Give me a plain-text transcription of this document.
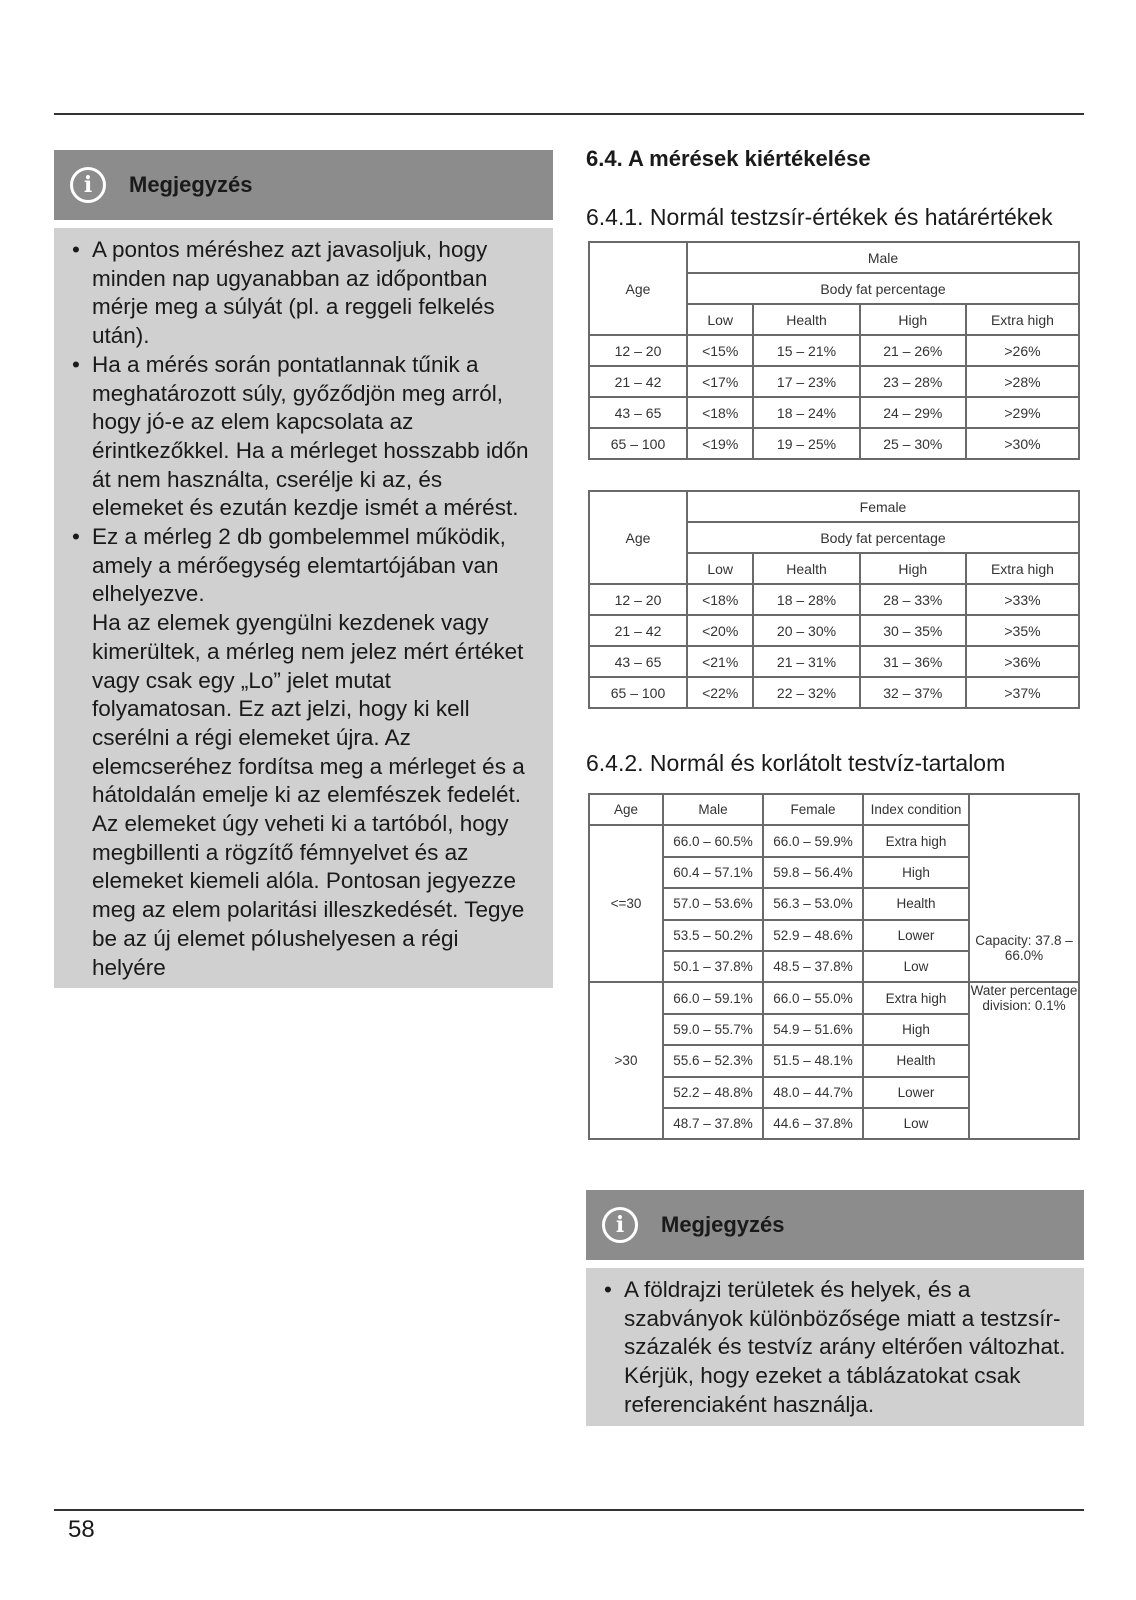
i	Megjegyzés
• A pontos méréshez azt javasoljuk, hogy minden nap ugyanabban az időpontban mérje meg a súlyát (pl. a reggeli felkelés után).
• Ha a mérés során pontatlannak tűnik a meghatározott súly, győződjön meg arról, hogy jó-e az elem kapcsolata az érintkezőkkel. Ha a mérleget hosszabb időn át nem használta, cserélje ki az, és elemeket és ezután kezdje ismét a mérést.
• Ez a mérleg 2 db gombelemmel működik, amely a mérőegység elemtartójában van elhelyezve.
Ha az elemek gyengülni kezdenek vagy kimerültek, a mérleg nem jelez mért értéket vagy csak egy „Lo” jelet mutat folyamatosan. Ez azt jelzi, hogy ki kell cserélni a régi elemeket újra. Az elemcseréhez fordítsa meg a mérleget és a hátoldalán emelje ki az elemfészek fedelét. Az elemeket úgy veheti ki a tartóból, hogy megbillenti a rögzítő fémnyelvet és az elemeket kiemeli alóla. Pontosan jegyezze meg az elem polaritási illeszkedését. Tegye be az új elemet póIushelyesen a régi helyére
6.4. A mérések kiértékelése
6.4.1. Normál testzsír-értékek és határértékek
6.4.2. Normál és korlátolt testvíz-tartalom
Age	Male			
	Body fat percentage			
	Low	Health	High	Extra high
12 – 20	<15%	15 – 21%	21 – 26%	>26%
21 – 42	<17%	17 – 23%	23 – 28%	>28%
43 – 65	<18%	18 – 24%	24 – 29%	>29%
65 – 100	<19%	19 – 25%	25 – 30%	>30%
Age	Female			
	Body fat percentage			
	Low	Health	High	Extra high
12 – 20	<18%	18 – 28%	28 – 33%	>33%
21 – 42	<20%	20 – 30%	30 – 35%	>35%
43 – 65	<21%	21 – 31%	31 – 36%	>36%
65 – 100	<22%	22 – 32%	32 – 37%	>37%
Age	Male	Female	Index condition	Capacity: 37.8 – 66.0%
<=30	66.0 – 60.5%	66.0 – 59.9%	Extra high	
	60.4 – 57.1%	59.8 – 56.4%	High	
	57.0 – 53.6%	56.3 – 53.0%	Health	
	53.5 – 50.2%	52.9 – 48.6%	Lower	
	50.1 – 37.8%	48.5 – 37.8%	Low	
>30	66.0 – 59.1%	66.0 – 55.0%	Extra high	Water percentage division: 0.1%
	59.0 – 55.7%	54.9 – 51.6%	High	
	55.6 – 52.3%	51.5 – 48.1%	Health	
	52.2 – 48.8%	48.0 – 44.7%	Lower	
	48.7 – 37.8%	44.6 – 37.8%	Low	
i	Megjegyzés
• A földrajzi területek és helyek, és a szabványok különbözősége miatt a testzsír-százalék és testvíz arány eltérően változhat. Kérjük, hogy ezeket a táblázatokat csak referenciaként használja.
58
